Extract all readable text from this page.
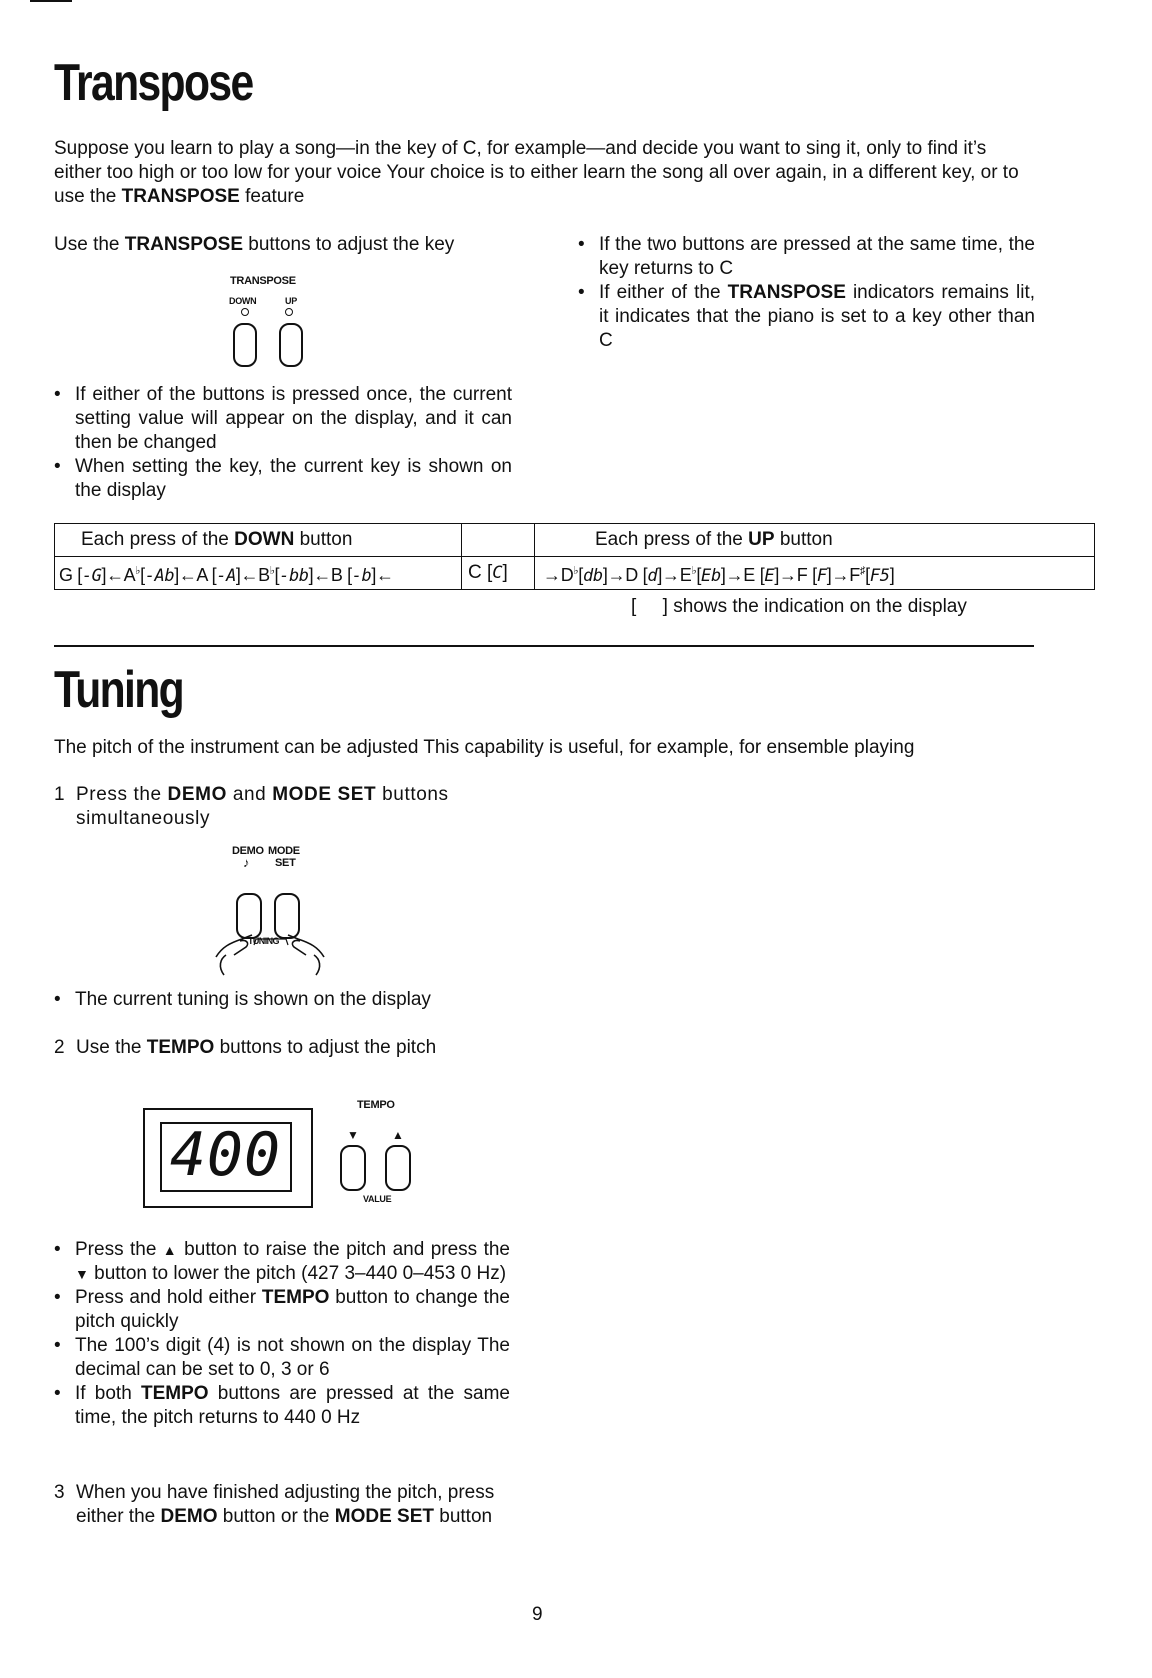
Transpose

Suppose you learn to play a song—in the key of C, for example—and decide you want to sing it, only to find it’s either too high or too low for your voice Your choice is to either learn the song all over again, in a different key, or to use the TRANSPOSE feature

Use the TRANSPOSE buttons to adjust the key

TRANSPOSE
DOWN	UP
• If either of the buttons is pressed once, the current setting value will appear on the display, and it can then be changed
• When setting the key, the current key is shown on the display
• If the two buttons are pressed at the same time, the key returns to C
• If either of the TRANSPOSE indicators remains lit, it indicates that the piano is set to a key other than C
Each press of the DOWN button		Each press of the UP button
G [-G]←A♭[-Ab]←A [-A]←B♭[-bb]←B [-b]←	C [C]	→D♭[db]→D [d]→E♭[Eb]→E [E]→F [F]→F♯[F5]

[     ] shows the indication on the display

Tuning

The pitch of the instrument can be adjusted This capability is useful, for example, for ensemble playing

1 Press the DEMO and MODE SET buttons simultaneously
DEMO MODE
♪ SET
TUNING
• The current tuning is shown on the display
2 Use the TEMPO buttons to adjust the pitch
400
TEMPO
▼	▲
VALUE
• Press the ▲ button to raise the pitch and press the ▼ button to lower the pitch (427 3–440 0–453 0 Hz)
• Press and hold either TEMPO button to change the pitch quickly
• The 100’s digit (4) is not shown on the display The decimal can be set to 0, 3 or 6
• If both TEMPO buttons are pressed at the same time, the pitch returns to 440 0 Hz
3 When you have finished adjusting the pitch, press either the DEMO button or the MODE SET button
9
